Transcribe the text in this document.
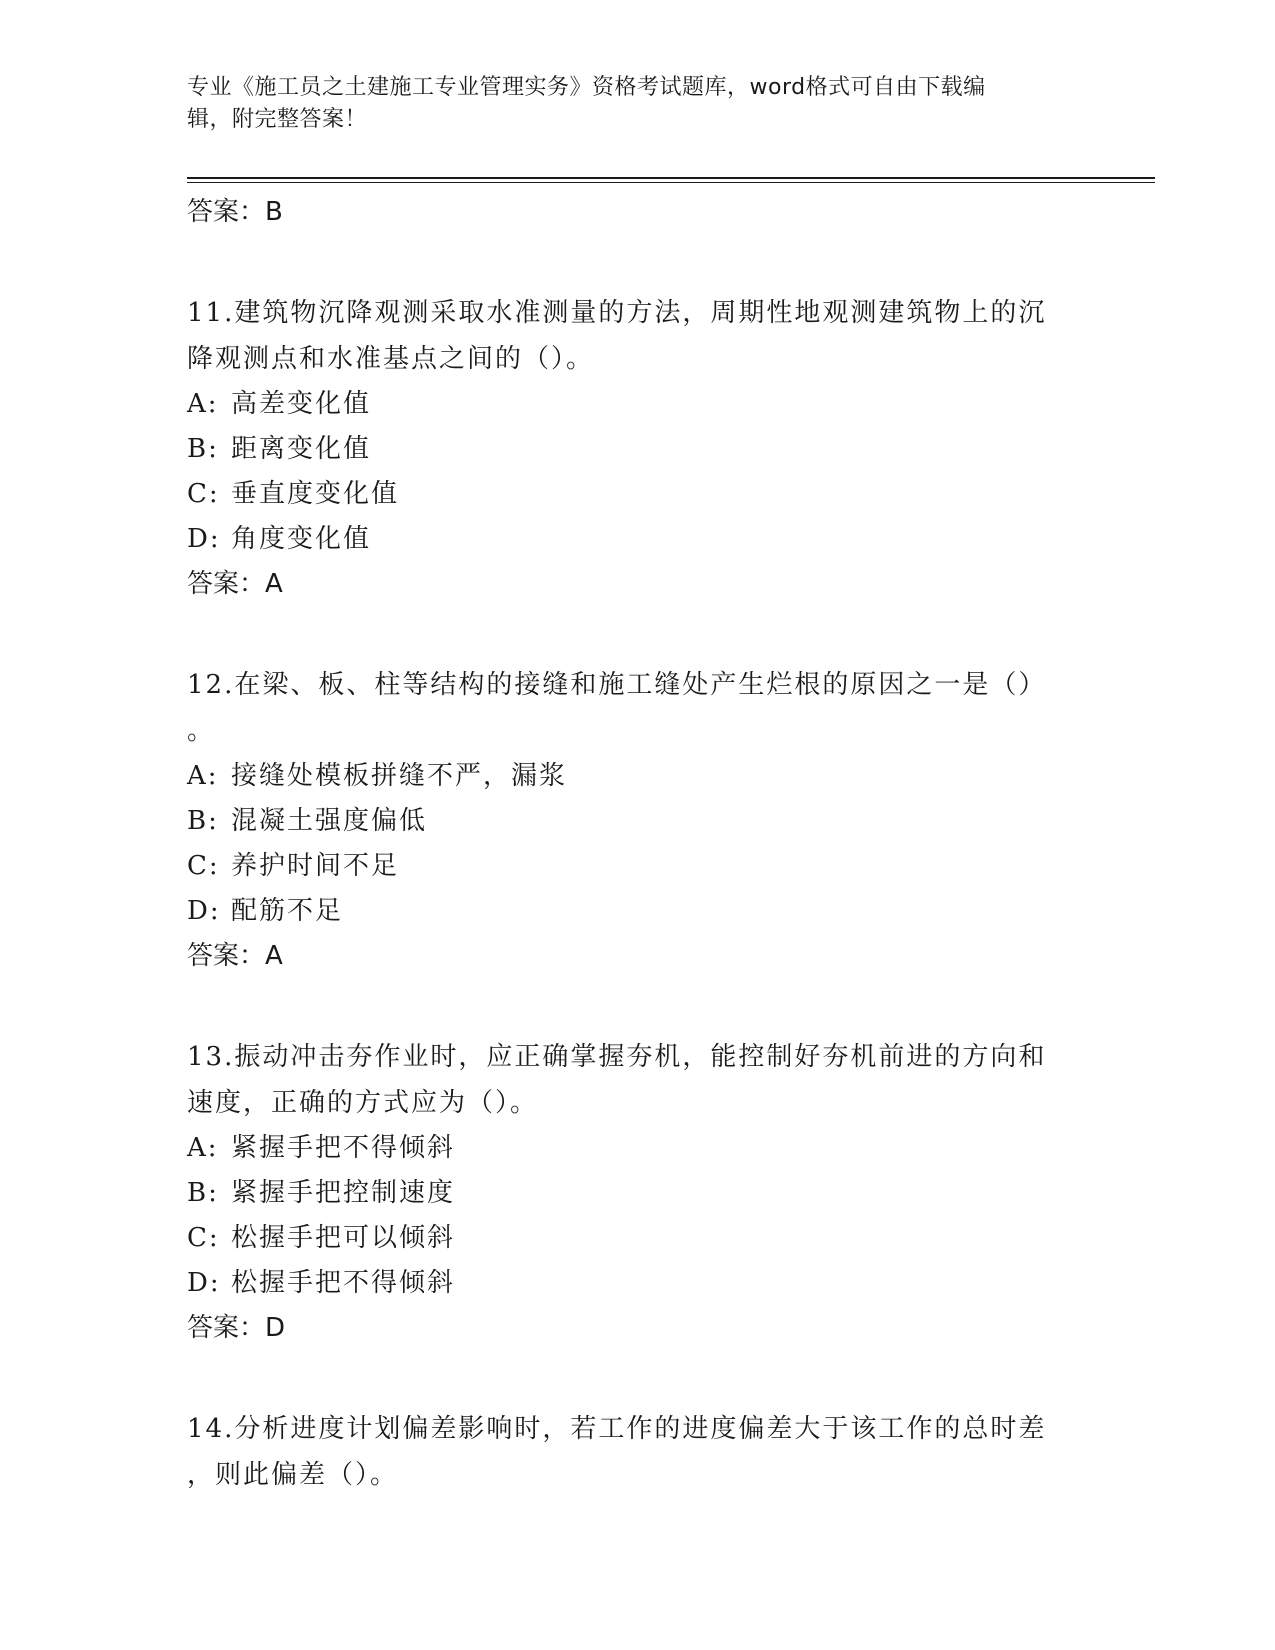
专业《施工员之土建施工专业管理实务》资格考试题库，word格式可自由下载编
辑，附完整答案！
答案：B
11.建筑物沉降观测采取水准测量的方法，周期性地观测建筑物上的沉
降观测点和水准基点之间的（）。
A: 高差变化值
B: 距离变化值
C: 垂直度变化值
D: 角度变化值
答案：A
12.在梁、板、柱等结构的接缝和施工缝处产生烂根的原因之一是（）
。
A: 接缝处模板拼缝不严，漏浆
B: 混凝土强度偏低
C: 养护时间不足
D: 配筋不足
答案：A
13.振动冲击夯作业时，应正确掌握夯机，能控制好夯机前进的方向和
速度，正确的方式应为（）。
A: 紧握手把不得倾斜
B: 紧握手把控制速度
C: 松握手把可以倾斜
D: 松握手把不得倾斜
答案：D
14.分析进度计划偏差影响时，若工作的进度偏差大于该工作的总时差
，则此偏差（）。
